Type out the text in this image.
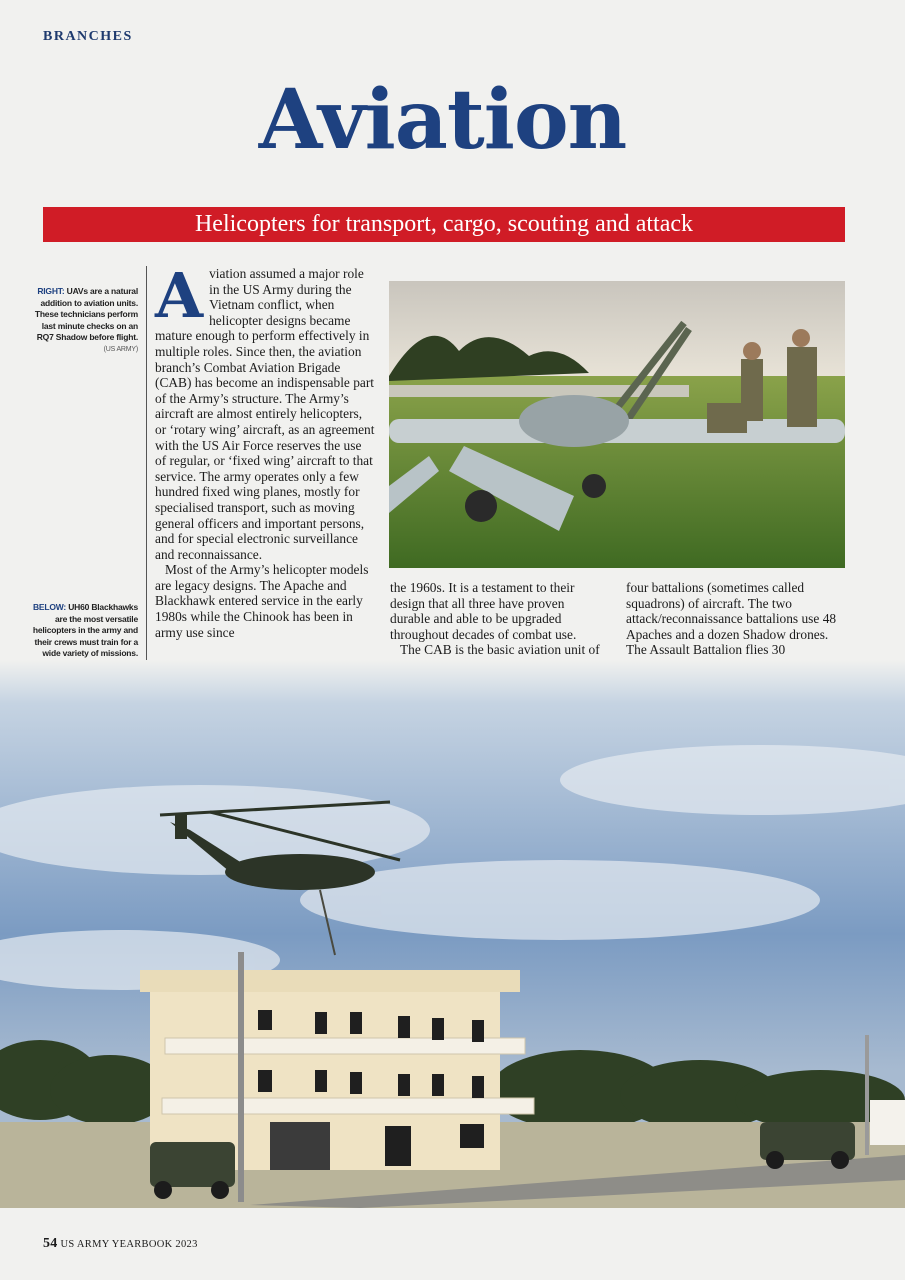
BRANCHES
Aviation
Helicopters for transport, cargo, scouting and attack
RIGHT: UAVs are a natural addition to aviation units. These technicians perform last minute checks on an RQ7 Shadow before flight.
(US ARMY)
BELOW: UH60 Blackhawks are the most versatile helicopters in the army and their crews must train for a wide variety of missions.

Aviation assumed a major role in the US Army during the Vietnam conflict, when helicopter designs became mature enough to perform effectively in multiple roles. Since then, the aviation branch’s Combat Aviation Brigade (CAB) has become an indispensable part of the Army’s structure. The Army’s aircraft are almost entirely helicopters, or ‘rotary wing’ aircraft, as an agreement with the US Air Force reserves the use of regular, or ‘fixed wing’ aircraft to that service. The army operates only a few hundred fixed wing planes, mostly for specialised transport, such as moving general officers and important persons, and for special electronic surveillance and reconnaissance.

Most of the Army’s helicopter models are legacy designs. The Apache and Blackhawk entered service in the early 1980s while the Chinook has been in army use since

the 1960s. It is a testament to their design that all three have proven durable and able to be upgraded throughout decades of combat use.

The CAB is the basic aviation unit of

four battalions (sometimes called squadrons) of aircraft. The two attack/reconnaissance battalions use 48 Apaches and a dozen Shadow drones. The Assault Battalion flies 30

54 US ARMY YEARBOOK 2023
